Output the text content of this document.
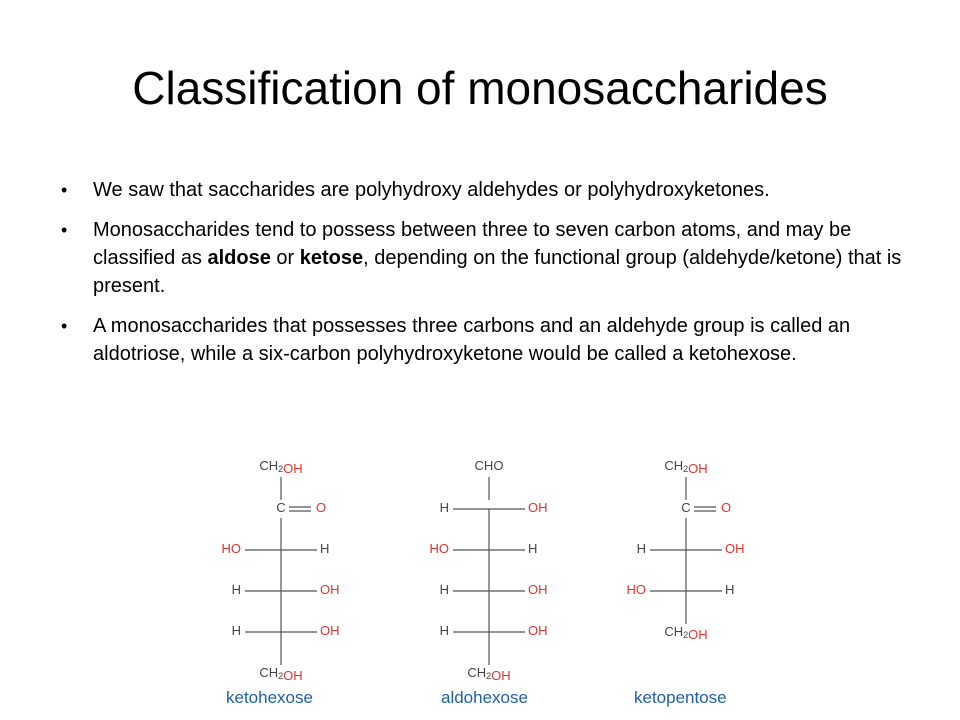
Classification of monosaccharides
• We saw that saccharides are polyhydroxy aldehydes or polyhydroxyketones.
• Monosaccharides tend to possess between three to seven carbon atoms, and may be classified as aldose or ketose, depending on the functional group (aldehyde/ketone) that is present.
• A monosaccharides that possesses three carbons and an aldehyde group is called an aldotriose, while a six-carbon polyhydroxyketone would be called a ketohexose.
$CH_2OH$
C O
HO	H
H	OH
H	OH
$CH_2OH$
CHO
H	OH
HO	H
H	OH
H	OH
$CH_2OH$
$CH_2OH$
C O
H	OH
HO	H
$CH_2OH$
ketohexose	aldohexose	ketopentose
